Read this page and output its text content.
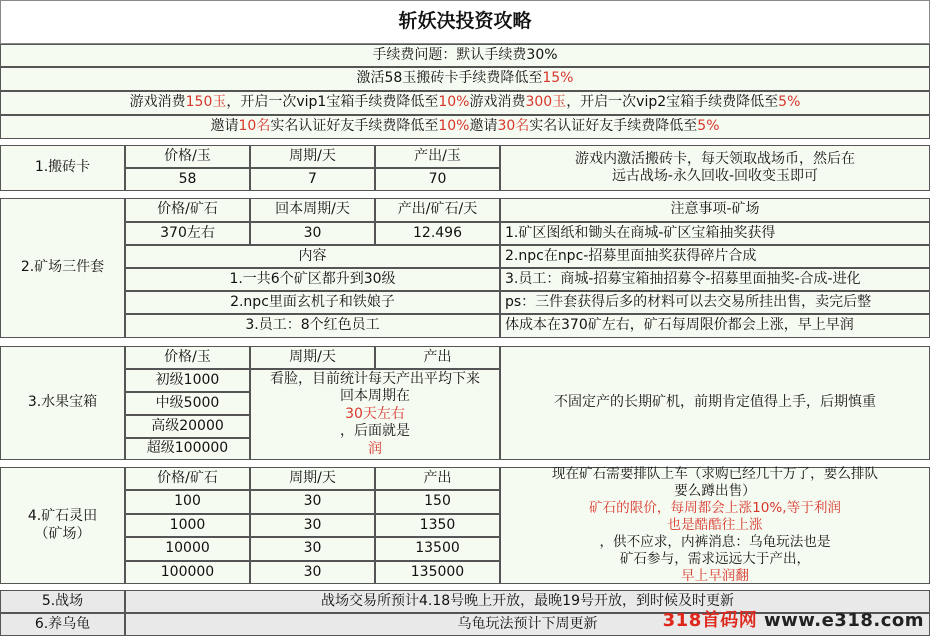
斩妖决投资攻略
手续费问题：默认手续费30%
激活58玉搬砖卡手续费降低至 15%
游戏消费 150玉 ，开启一次vip1宝箱手续费降低至 10% 游戏消费 300玉 ，开启一次vip2宝箱手续费降低至 5%
邀请 10名 实名认证好友手续费降低至 10% 邀请 30名 实名认证好友手续费降低至 5%
1.搬砖卡
价格/玉	周期/天	产出/玉
58	7	70
游戏内激活搬砖卡，每天领取战场币，然后在
远古战场-永久回收-回收变玉即可
2.矿场三件套
价格/矿石	回本周期/天	产出/矿石/天
370左右	30	12.496
内容
1.一共6个矿区都升到30级
2.npc里面玄机子和铁娘子
3.员工：8个红色员工
注意事项-矿场
1.矿区图纸和锄头在商城-矿区宝箱抽奖获得
2.npc在npc-招募里面抽奖获得碎片合成
3.员工：商城-招募宝箱抽招募令-招募里面抽奖-合成-进化
ps：三件套获得后多的材料可以去交易所挂出售，卖完后整
体成本在370矿左右，矿石每周限价都会上涨，早上早润
3.水果宝箱
价格/玉	周期/天	产出
初级1000
中级5000
高级20000
超级100000
看脸，目前统计每天产出平均下来
回本周期在
30天左右
，后面就是
润
不固定产的长期矿机，前期肯定值得上手，后期慎重
4.矿石灵田
（矿场）
价格/矿石	周期/天	产出
100	30	150
1000	30	1350
10000	30	13500
100000	30	135000
现在矿石需要排队上车（求购已经几十万了，要么排队
要么蹲出售）
矿石的限价，每周都会上涨10%,等于利润
也是酷酷往上涨
，供不应求，内裤消息：乌龟玩法也是
矿石参与，需求远远大于产出，
早上早润翻
5.战场	战场交易所预计4.18号晚上开放，最晚19号开放，到时候及时更新
6.养乌龟	乌龟玩法预计下周更新	318首码网 www.e318.com
